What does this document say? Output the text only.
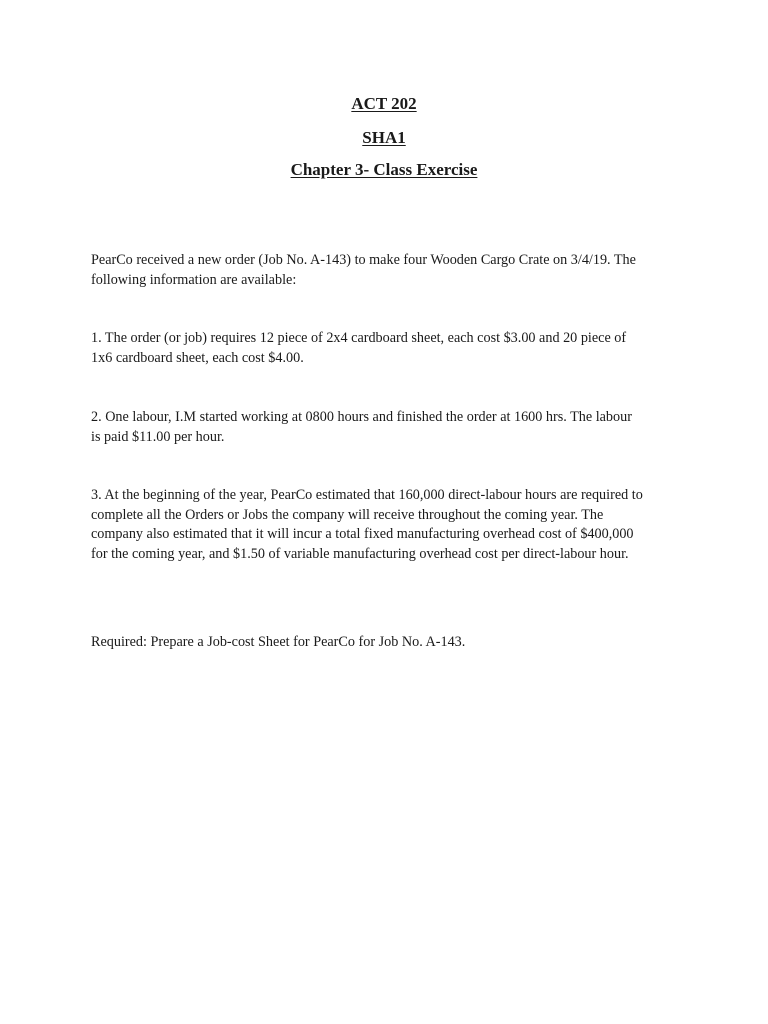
ACT 202
SHA1
Chapter 3- Class Exercise

PearCo received a new order (Job No. A-143) to make four Wooden Cargo Crate on 3/4/19. The
following information are available:

1. The order (or job) requires 12 piece of 2x4 cardboard sheet, each cost $3.00 and 20 piece of
1x6 cardboard sheet, each cost $4.00.

2. One labour, I.M started working at 0800 hours and finished the order at 1600 hrs. The labour
is paid $11.00 per hour.

3. At the beginning of the year, PearCo estimated that 160,000 direct-labour hours are required to
complete all the Orders or Jobs the company will receive throughout the coming year. The
company also estimated that it will incur a total fixed manufacturing overhead cost of $400,000
for the coming year, and $1.50 of variable manufacturing overhead cost per direct-labour hour.

Required: Prepare a Job-cost Sheet for PearCo for Job No. A-143.
